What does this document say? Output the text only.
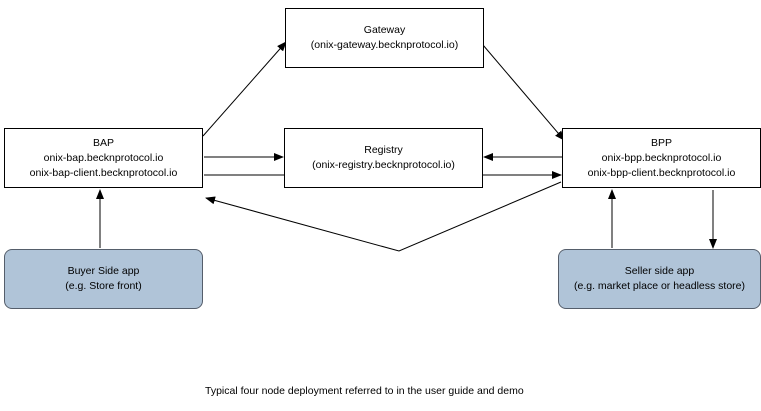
Gateway
(onix-gateway.becknprotocol.io)
BAP
onix-bap.becknprotocol.io
onix-bap-client.becknprotocol.io
Registry
(onix-registry.becknprotocol.io)
BPP
onix-bpp.becknprotocol.io
onix-bpp-client.becknprotocol.io
Buyer Side app
(e.g. Store front)
Seller side app
(e.g. market place or headless store)
Typical four node deployment referred to in the user guide and demo
